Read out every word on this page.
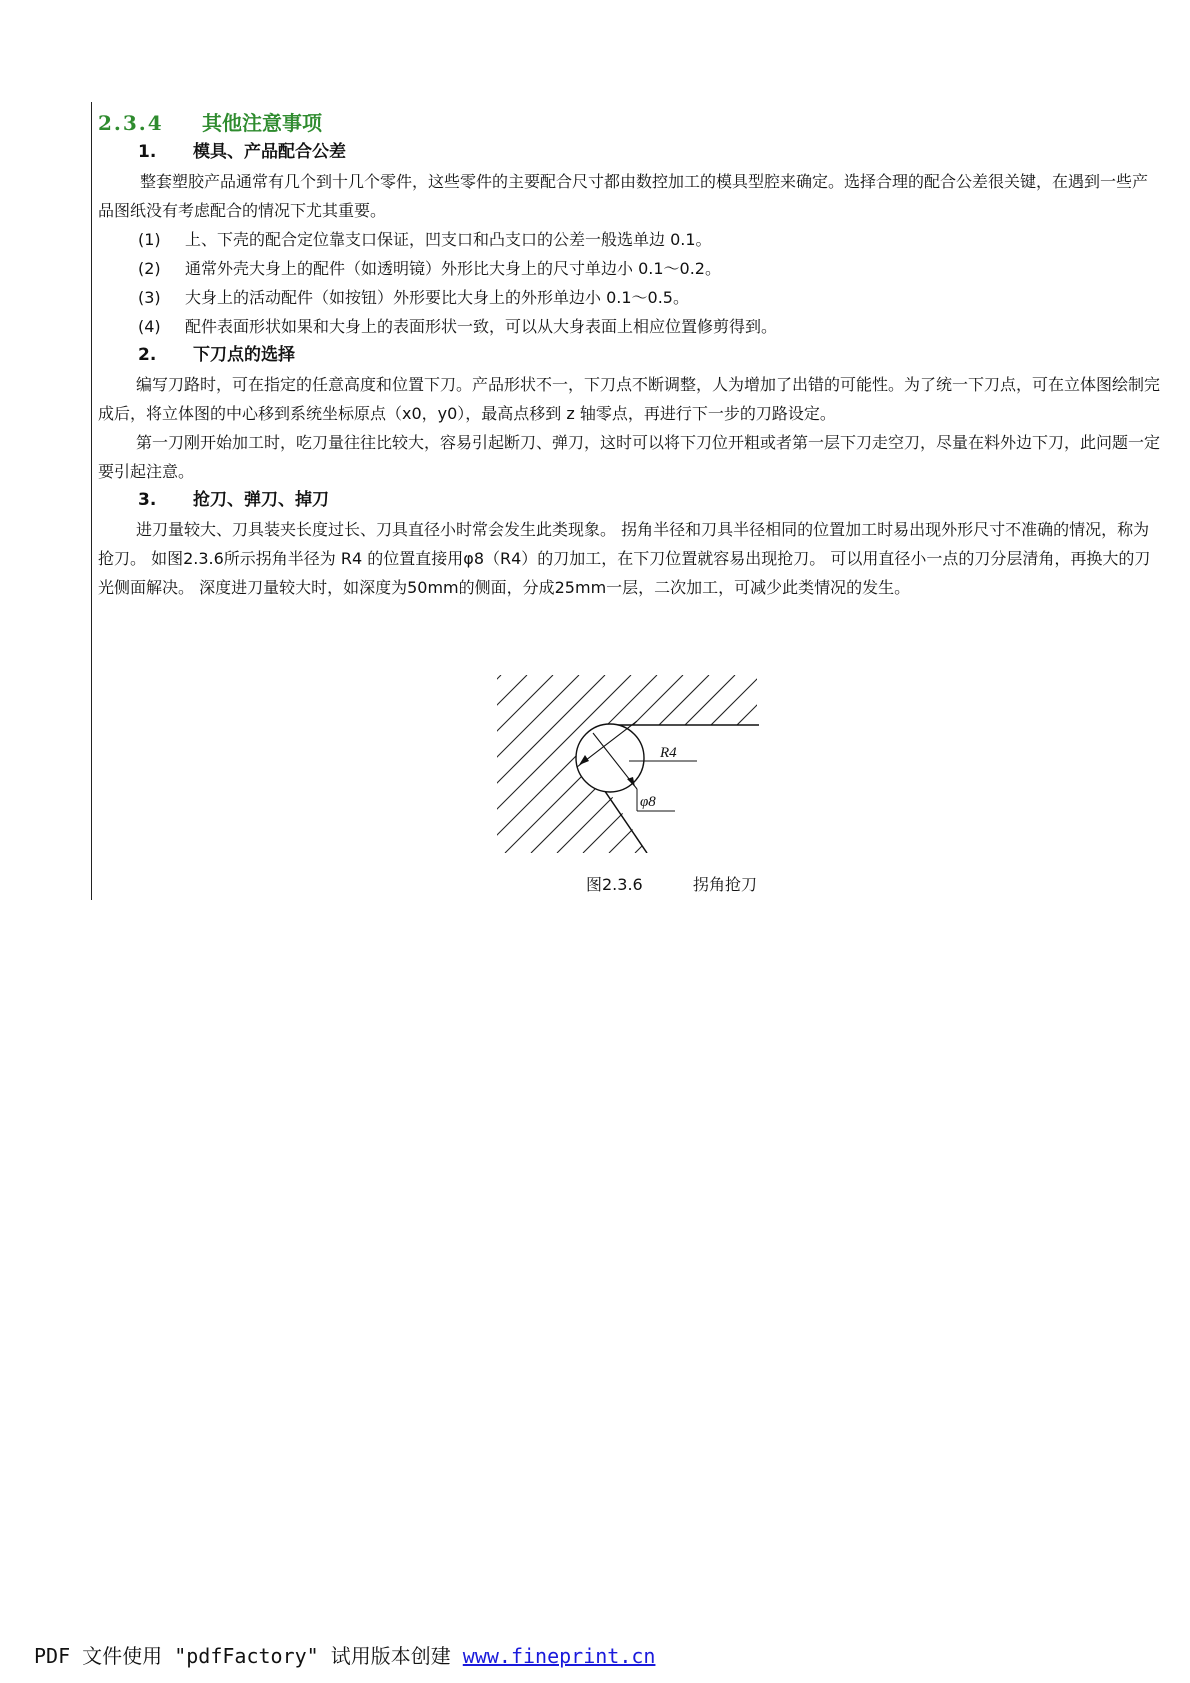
2.3.4 其他注意事项
1. 模具、产品配合公差

整套塑胶产品通常有几个到十几个零件，这些零件的主要配合尺寸都由数控加工的模具型腔来确定。选择合理的配合公差很关键，在遇到一些产品图纸没有考虑配合的情况下尤其重要。

(1) 上、下壳的配合定位靠支口保证，凹支口和凸支口的公差一般选单边 0.1。
(2) 通常外壳大身上的配件（如透明镜）外形比大身上的尺寸单边小 0.1～0.2。
(3) 大身上的活动配件（如按钮）外形要比大身上的外形单边小 0.1～0.5。
(4) 配件表面形状如果和大身上的表面形状一致，可以从大身表面上相应位置修剪得到。
2. 下刀点的选择

编写刀路时，可在指定的任意高度和位置下刀。产品形状不一，下刀点不断调整，人为增加了出错的可能性。为了统一下刀点，可在立体图绘制完成后，将立体图的中心移到系统坐标原点（x0，y0），最高点移到 z 轴零点，再进行下一步的刀路设定。

第一刀刚开始加工时，吃刀量往往比较大，容易引起断刀、弹刀，这时可以将下刀位开粗或者第一层下刀走空刀，尽量在料外边下刀，此问题一定要引起注意。

3. 抢刀、弹刀、掉刀

进刀量较大、刀具装夹长度过长、刀具直径小时常会发生此类现象。 拐角半径和刀具半径相同的位置加工时易出现外形尺寸不准确的情况，称为抢刀。 如图2.3.6所示拐角半径为 R4 的位置直接用φ8（R4）的刀加工，在下刀位置就容易出现抢刀。 可以用直径小一点的刀分层清角，再换大的刀光侧面解决。 深度进刀量较大时，如深度为50mm的侧面，分成25mm一层，二次加工，可减少此类情况的发生。

R4
φ8
图2.3.6	拐角抢刀
PDF 文件使用 "pdfFactory" 试用版本创建 www.fineprint.cn
